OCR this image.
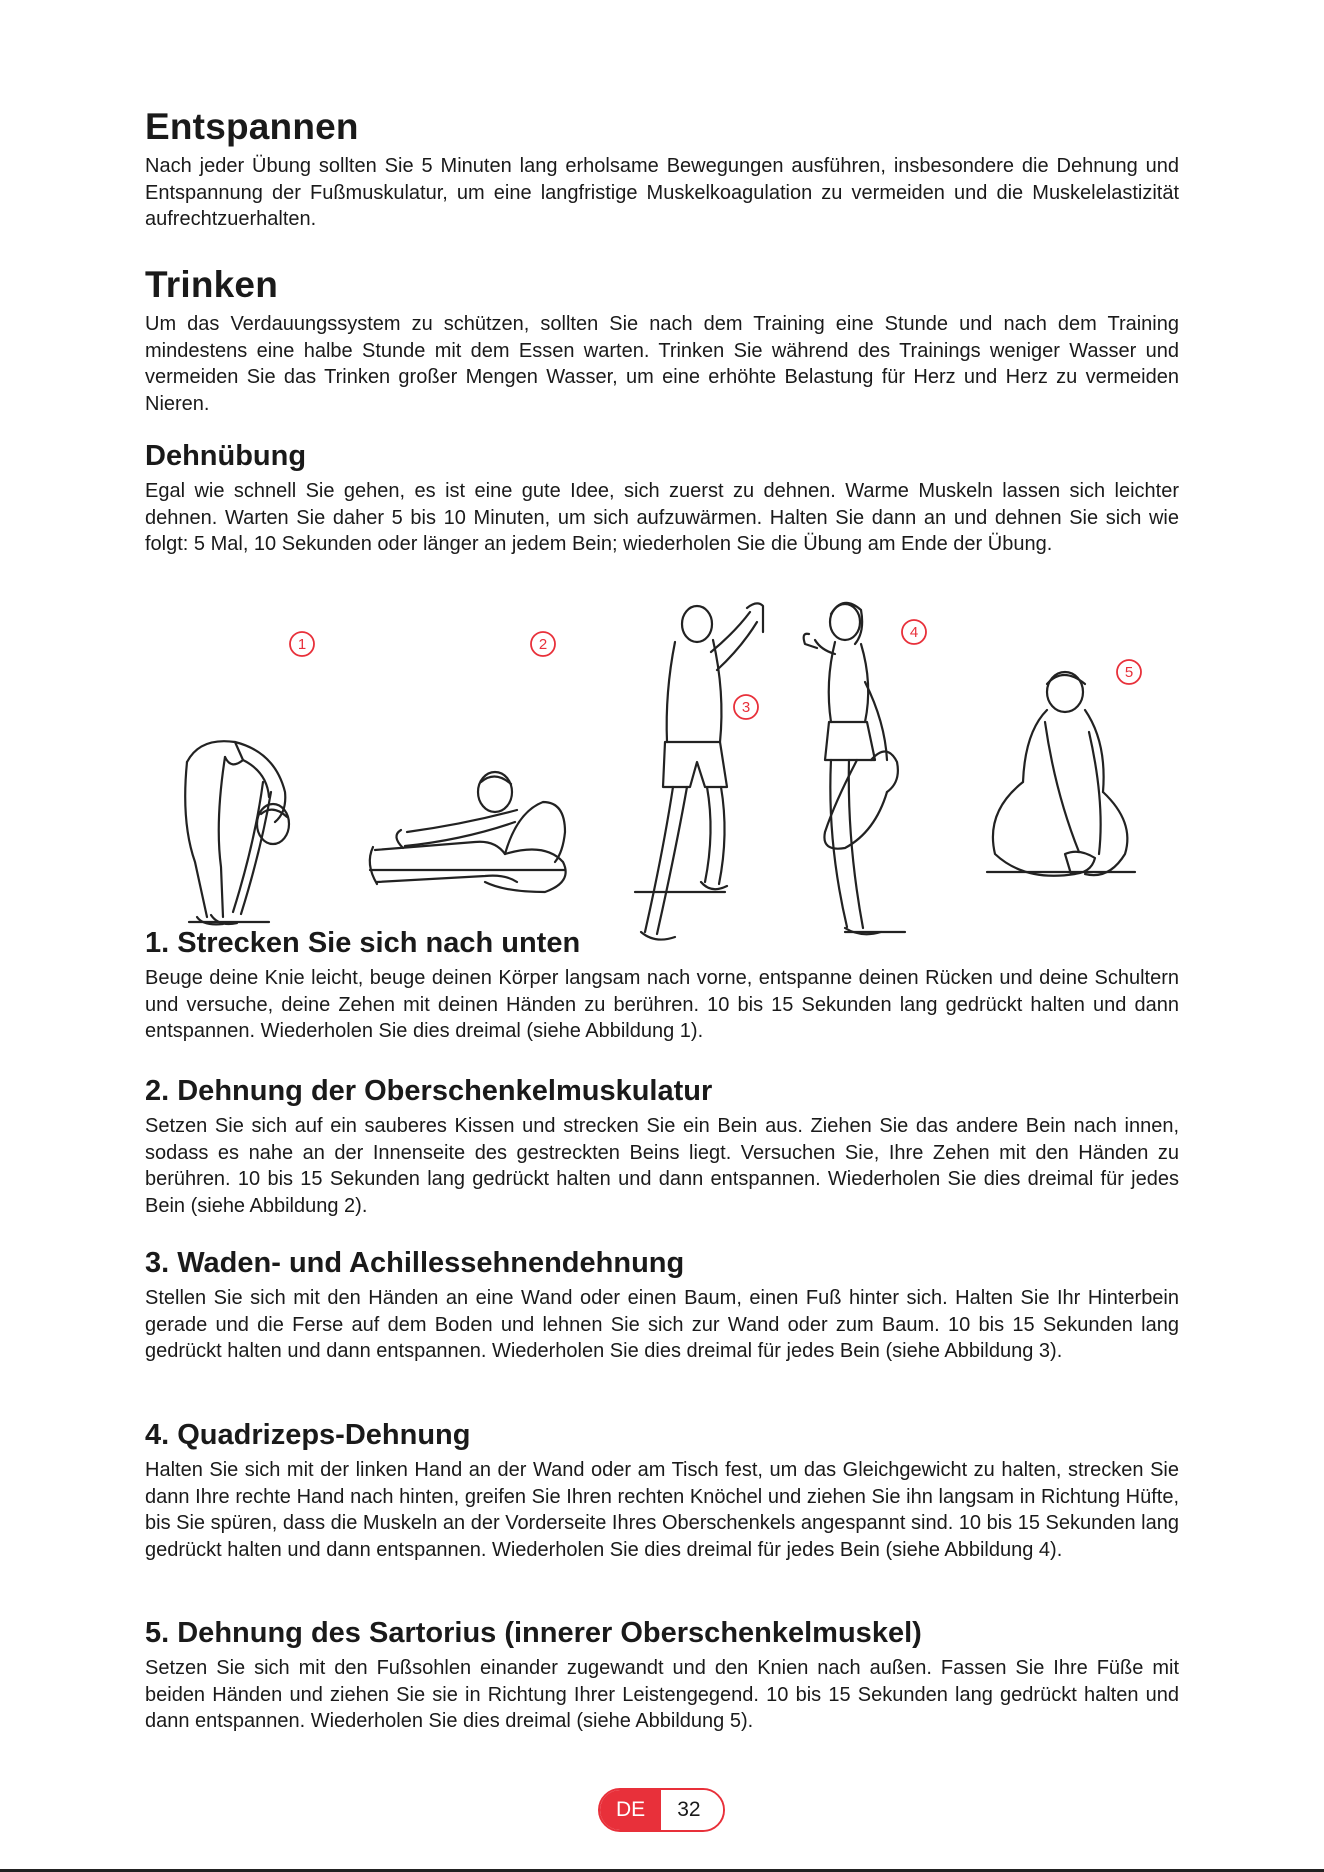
Entspannen

Nach jeder Übung sollten Sie 5 Minuten lang erholsame Bewegungen ausführen, insbesondere die Dehnung und Entspannung der Fußmuskulatur, um eine langfristige Muskelkoagulation zu vermeiden und die Muskelelastizität aufrechtzuerhalten.

Trinken

Um das Verdauungssystem zu schützen, sollten Sie nach dem Training eine Stunde und nach dem Training mindestens eine halbe Stunde mit dem Essen warten. Trinken Sie während des Trainings weniger Wasser und vermeiden Sie das Trinken großer Mengen Wasser, um eine erhöhte Belastung für Herz und Herz zu vermeiden Nieren.

Dehnübung

Egal wie schnell Sie gehen, es ist eine gute Idee, sich zuerst zu dehnen. Warme Muskeln lassen sich leichter dehnen. Warten Sie daher 5 bis 10 Minuten, um sich aufzuwärmen. Halten Sie dann an und dehnen Sie sich wie folgt: 5 Mal, 10 Sekunden oder länger an jedem Bein; wiederholen Sie die Übung am Ende der Übung.

1	2
3
4
5
1. Strecken Sie sich nach unten

Beuge deine Knie leicht, beuge deinen Körper langsam nach vorne, entspanne deinen Rücken und deine Schultern und versuche, deine Zehen mit deinen Händen zu berühren. 10 bis 15 Sekunden lang gedrückt halten und dann entspannen. Wiederholen Sie dies dreimal (siehe Abbildung 1).

2. Dehnung der Oberschenkelmuskulatur

Setzen Sie sich auf ein sauberes Kissen und strecken Sie ein Bein aus. Ziehen Sie das andere Bein nach innen, sodass es nahe an der Innenseite des gestreckten Beins liegt. Versuchen Sie, Ihre Zehen mit den Händen zu berühren. 10 bis 15 Sekunden lang gedrückt halten und dann entspannen. Wiederholen Sie dies dreimal für jedes Bein (siehe Abbildung 2).

3. Waden- und Achillessehnendehnung

Stellen Sie sich mit den Händen an eine Wand oder einen Baum, einen Fuß hinter sich. Halten Sie Ihr Hinterbein gerade und die Ferse auf dem Boden und lehnen Sie sich zur Wand oder zum Baum. 10 bis 15 Sekunden lang gedrückt halten und dann entspannen. Wiederholen Sie dies dreimal für jedes Bein (siehe Abbildung 3).

4. Quadrizeps-Dehnung

Halten Sie sich mit der linken Hand an der Wand oder am Tisch fest, um das Gleichgewicht zu halten, strecken Sie dann Ihre rechte Hand nach hinten, greifen Sie Ihren rechten Knöchel und ziehen Sie ihn langsam in Richtung Hüfte, bis Sie spüren, dass die Muskeln an der Vorderseite Ihres Oberschenkels angespannt sind. 10 bis 15 Sekunden lang gedrückt halten und dann entspannen. Wiederholen Sie dies dreimal für jedes Bein (siehe Abbildung 4).

5. Dehnung des Sartorius (innerer Oberschenkelmuskel)

Setzen Sie sich mit den Fußsohlen einander zugewandt und den Knien nach außen. Fassen Sie Ihre Füße mit beiden Händen und ziehen Sie sie in Richtung Ihrer Leistengegend. 10 bis 15 Sekunden lang gedrückt halten und dann entspannen. Wiederholen Sie dies dreimal (siehe Abbildung 5).

DE	32
